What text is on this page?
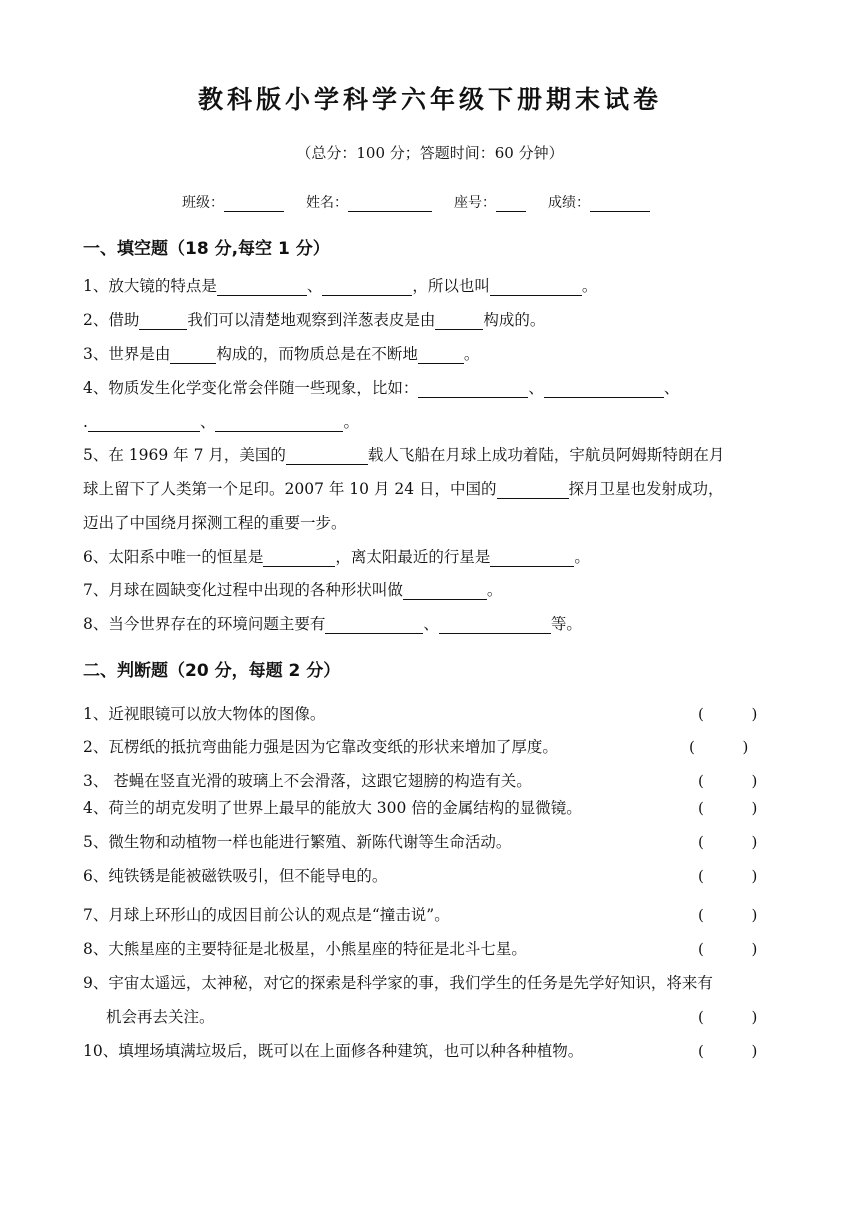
教科版小学科学六年级下册期末试卷
（总分：100 分；答题时间：60 分钟）
班级：	姓名：	座号：	成绩：
一、填空题（18 分,每空 1 分）
1、放大镜的特点是	、	，所以也叫	。
2、借助	我们可以清楚地观察到洋葱表皮是由	构成的。
3、世界是由	构成的，而物质总是在不断地	。
4、物质发生化学变化常会伴随一些现象，比如：	、	、
.	、	。
5、在 1969 年 7 月，美国的	载人飞船在月球上成功着陆，宇航员阿姆斯特朗在月
球上留下了人类第一个足印。2007 年 10 月 24 日，中国的	探月卫星也发射成功，
迈出了中国绕月探测工程的重要一步。
6、太阳系中唯一的恒星是	，离太阳最近的行星是	。
7、月球在圆缺变化过程中出现的各种形状叫做	。
8、当今世界存在的环境问题主要有	、	等。
二、判断题（20 分，每题 2 分）
1、近视眼镜可以放大物体的图像。	(          )
2、瓦楞纸的抵抗弯曲能力强是因为它靠改变纸的形状来增加了厚度。	(          )
3、 苍蝇在竖直光滑的玻璃上不会滑落，这跟它翅膀的构造有关。	(          )
4、荷兰的胡克发明了世界上最早的能放大 300 倍的金属结构的显微镜。	(          )
5、微生物和动植物一样也能进行繁殖、新陈代谢等生命活动。	(          )
6、纯铁锈是能被磁铁吸引，但不能导电的。	(          )
7、月球上环形山的成因目前公认的观点是“撞击说”。	(          )
8、大熊星座的主要特征是北极星，小熊星座的特征是北斗七星。	(          )
9、宇宙太遥远，太神秘，对它的探索是科学家的事，我们学生的任务是先学好知识，将来有
机会再去关注。	(          )
10、填埋场填满垃圾后，既可以在上面修各种建筑，也可以种各种植物。	(          )
